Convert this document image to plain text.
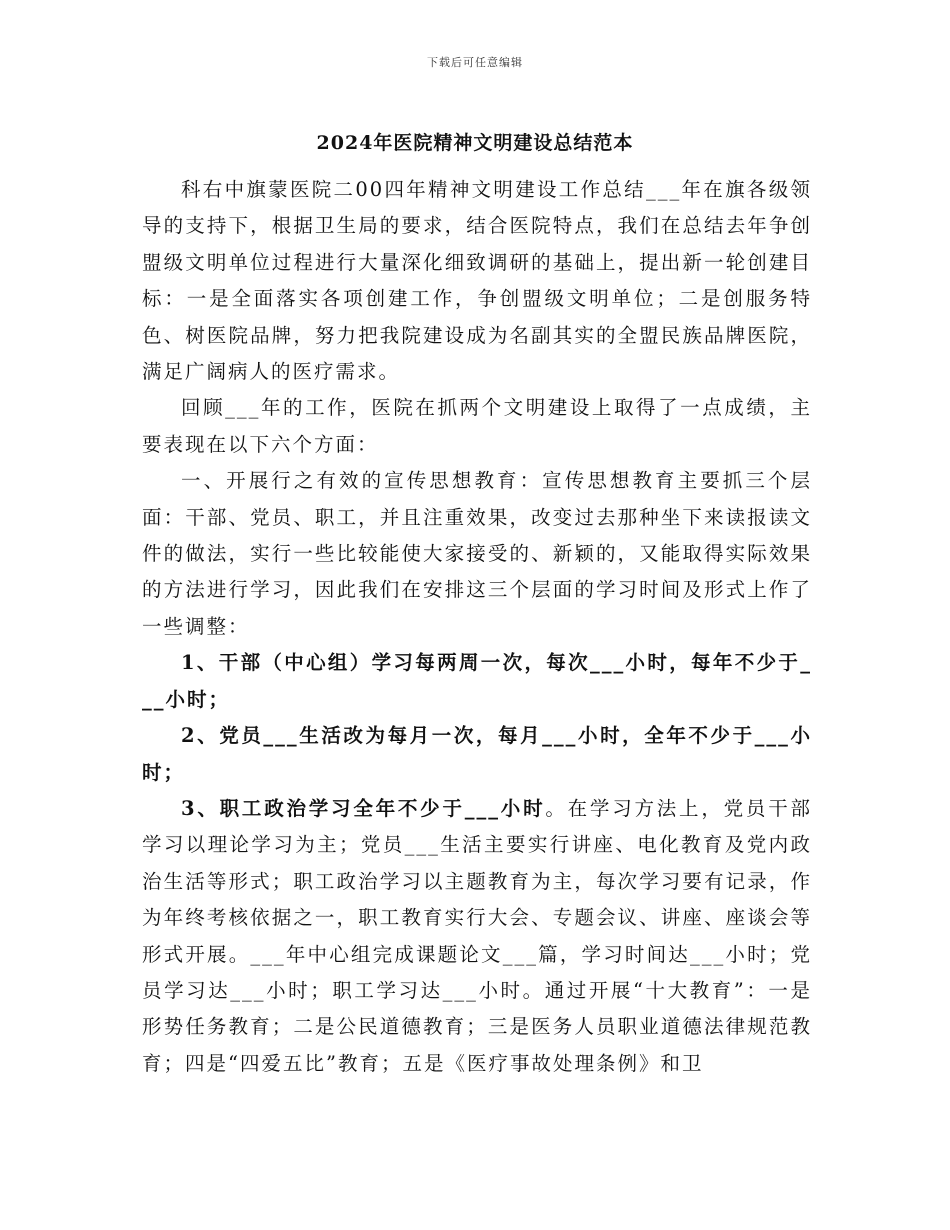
下载后可任意编辑
2024年医院精神文明建设总结范本

科右中旗蒙医院二00四年精神文明建设工作总结___年在旗各级领导的支持下，根据卫生局的要求，结合医院特点，我们在总结去年争创盟级文明单位过程进行大量深化细致调研的基础上，提出新一轮创建目标：一是全面落实各项创建工作，争创盟级文明单位；二是创服务特色、树医院品牌，努力把我院建设成为名副其实的全盟民族品牌医院，满足广阔病人的医疗需求。

回顾___年的工作，医院在抓两个文明建设上取得了一点成绩，主要表现在以下六个方面：

一、开展行之有效的宣传思想教育：宣传思想教育主要抓三个层面：干部、党员、职工，并且注重效果，改变过去那种坐下来读报读文件的做法，实行一些比较能使大家接受的、新颖的，又能取得实际效果的方法进行学习，因此我们在安排这三个层面的学习时间及形式上作了一些调整：

1、干部（中心组）学习每两周一次，每次___小时，每年不少于___小时；

2、党员___生活改为每月一次，每月___小时，全年不少于___小时；

3、职工政治学习全年不少于___小时。在学习方法上，党员干部学习以理论学习为主；党员___生活主要实行讲座、电化教育及党内政治生活等形式；职工政治学习以主题教育为主，每次学习要有记录，作为年终考核依据之一，职工教育实行大会、专题会议、讲座、座谈会等形式开展。___年中心组完成课题论文___篇，学习时间达___小时；党员学习达___小时；职工学习达___小时。通过开展“十大教育”：一是形势任务教育；二是公民道德教育；三是医务人员职业道德法律规范教育；四是“四爱五比”教育；五是《医疗事故处理条例》和卫
